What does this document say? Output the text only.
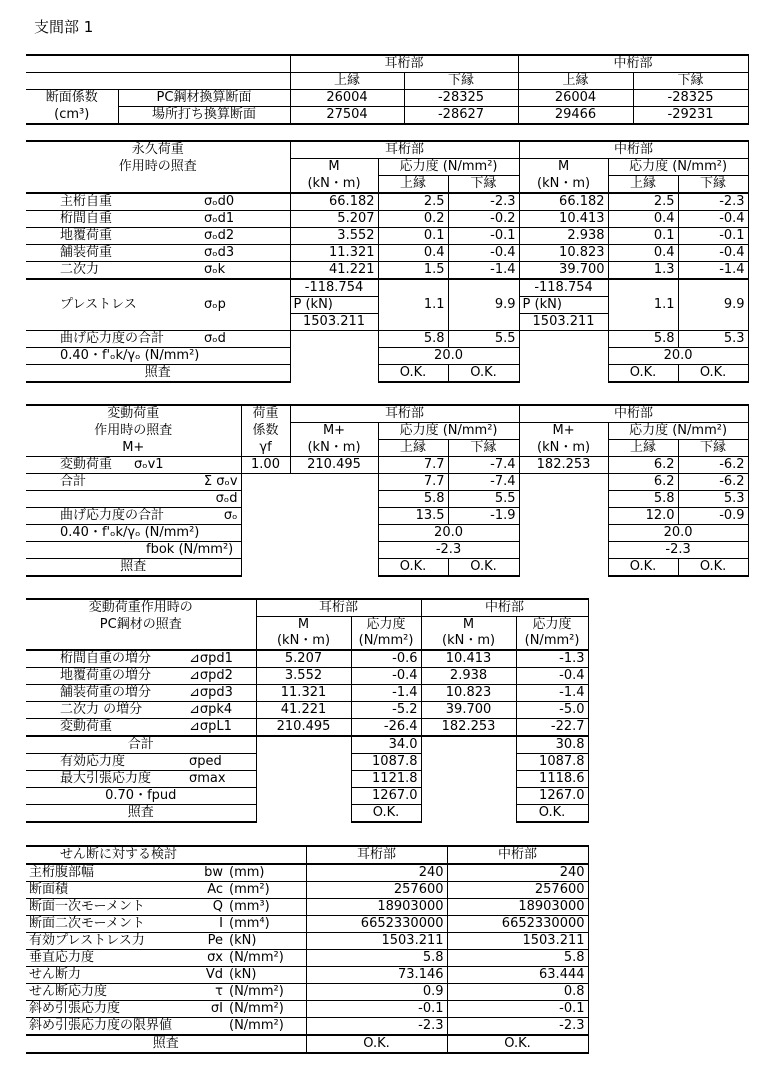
支間部 1
		耳桁部		中桁部	
		上縁	下縁	上縁	下縁
断面係数	PC鋼材換算断面	26004	-28325	26004	-28325
(cm³)	場所打ち換算断面	27504	-28627	29466	-29231
永久荷重		耳桁部			中桁部		
作用時の照査		M	応力度 (N/mm²)		M	応力度 (N/mm²)	
		(kN・m)	上縁	下縁	(kN・m)	上縁	下縁
主桁自重	σₒd0	66.182	2.5	-2.3	66.182	2.5	-2.3
桁間自重	σₒd1	5.207	0.2	-0.2	10.413	0.4	-0.4
地覆荷重	σₒd2	3.552	0.1	-0.1	2.938	0.1	-0.1
舗装荷重	σₒd3	11.321	0.4	-0.4	10.823	0.4	-0.4
二次力	σₒk	41.221	1.5	-1.4	39.700	1.3	-1.4
プレストレス	σₒp	-118.754	1.1	9.9	-118.754	1.1	9.9
		P (kN)			P (kN)		
		1503.211			1503.211		
曲げ応力度の合計	σₒd		5.8	5.5		5.8	5.3
0.40・f'ₒk/γₒ (N/mm²)			20.0			20.0	
照査			O.K.	O.K.		O.K.	O.K.
変動荷重		荷重	耳桁部			中桁部		
作用時の照査		係数	M+	応力度 (N/mm²)		M+	応力度 (N/mm²)	
M+		γf	(kN・m)	上縁	下縁	(kN・m)	上縁	下縁
変動荷重	σₒv1	1.00	210.495	7.7	-7.4	182.253	6.2	-6.2
合計	Σ σₒv			7.7	-7.4		6.2	-6.2
	σₒd			5.8	5.5		5.8	5.3
曲げ応力度の合計	σₒ			13.5	-1.9		12.0	-0.9
0.40・f'ₒk/γₒ (N/mm²)				20.0			20.0	
fbok (N/mm²)				-2.3			-2.3	
照査				O.K.	O.K.		O.K.	O.K.
変動荷重作用時の		耳桁部		中桁部	
PC鋼材の照査		M	応力度	M	応力度
		(kN・m)	(N/mm²)	(kN・m)	(N/mm²)
桁間自重の増分	⊿σpd1	5.207	-0.6	10.413	-1.3
地覆荷重の増分	⊿σpd2	3.552	-0.4	2.938	-0.4
舗装荷重の増分	⊿σpd3	11.321	-1.4	10.823	-1.4
二次力 の増分	⊿σpk4	41.221	-5.2	39.700	-5.0
変動荷重	⊿σpL1	210.495	-26.4	182.253	-22.7
合計			34.0		30.8
有効応力度	σped		1087.8		1087.8
最大引張応力度	σmax		1121.8		1118.6
0.70・fpud			1267.0		1267.0
照査			O.K.		O.K.
せん断に対する検討			耳桁部	中桁部
主桁腹部幅	bw	(mm)	240	240
断面積	Ac	(mm²)	257600	257600
断面一次モーメント	Q	(mm³)	18903000	18903000
断面二次モーメント	I	(mm⁴)	6652330000	6652330000
有効プレストレス力	Pe	(kN)	1503.211	1503.211
垂直応力度	σx	(N/mm²)	5.8	5.8
せん断力	Vd	(kN)	73.146	63.444
せん断応力度	τ	(N/mm²)	0.9	0.8
斜め引張応力度	σI	(N/mm²)	-0.1	-0.1
斜め引張応力度の限界値		(N/mm²)	-2.3	-2.3
照査			O.K.	O.K.
